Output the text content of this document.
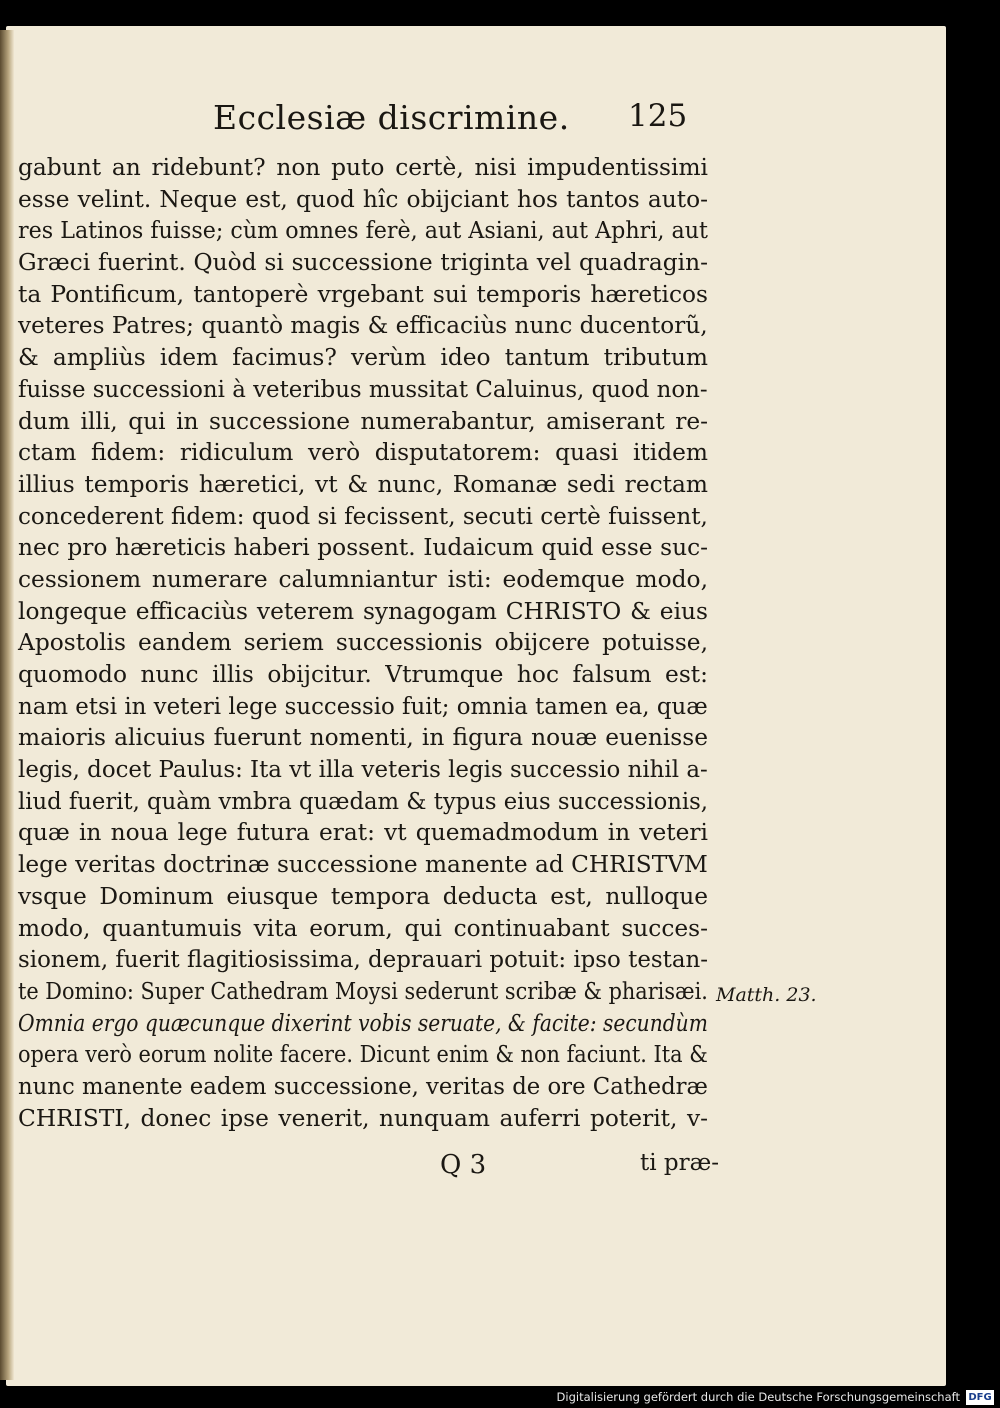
Ecclesiæ discrimine. 125
gabunt an ridebunt? non puto certè, nisi impudentissimi
esse velint. Neque est, quod hîc obijciant hos tantos auto-
res Latinos fuisse; cùm omnes ferè, aut Asiani, aut Aphri, aut
Græci fuerint. Quòd si successione triginta vel quadragin-
ta Pontificum, tantoperè vrgebant sui temporis hæreticos
veteres Patres; quantò magis & efficaciùs nunc ducentorũ,
& ampliùs idem facimus? verùm ideo tantum tributum
fuisse successioni à veteribus mussitat Caluinus, quod non-
dum illi, qui in successione numerabantur, amiserant re-
ctam fidem: ridiculum verò disputatorem: quasi itidem
illius temporis hæretici, vt & nunc, Romanæ sedi rectam
concederent fidem: quod si fecissent, secuti certè fuissent,
nec pro hæreticis haberi possent. Iudaicum quid esse suc-
cessionem numerare calumniantur isti: eodemque modo,
longeque efficaciùs veterem synagogam CHRISTO & eius
Apostolis eandem seriem successionis obijcere potuisse,
quomodo nunc illis obijcitur. Vtrumque hoc falsum est:
nam etsi in veteri lege successio fuit; omnia tamen ea, quæ
maioris alicuius fuerunt nomenti, in figura nouæ euenisse
legis, docet Paulus: Ita vt illa veteris legis successio nihil a-
liud fuerit, quàm vmbra quædam & typus eius successionis,
quæ in noua lege futura erat: vt quemadmodum in veteri
lege veritas doctrinæ successione manente ad CHRISTVM
vsque Dominum eiusque tempora deducta est, nulloque
modo, quantumuis vita eorum, qui continuabant succes-
sionem, fuerit flagitiosissima, deprauari potuit: ipso testan-
te Domino: Super Cathedram Moysi sederunt scribæ & pharisæi.
Omnia ergo quæcunque dixerint vobis seruate, & facite: secundùm
opera verò eorum nolite facere. Dicunt enim & non faciunt. Ita &
nunc manente eadem successione, veritas de ore Cathedræ
CHRISTI, donec ipse venerit, nunquam auferri poterit, v-
Matth. 23.
Q 3	ti præ-
Digitalisierung gefördert durch die Deutsche Forschungsgemeinschaft DFG
